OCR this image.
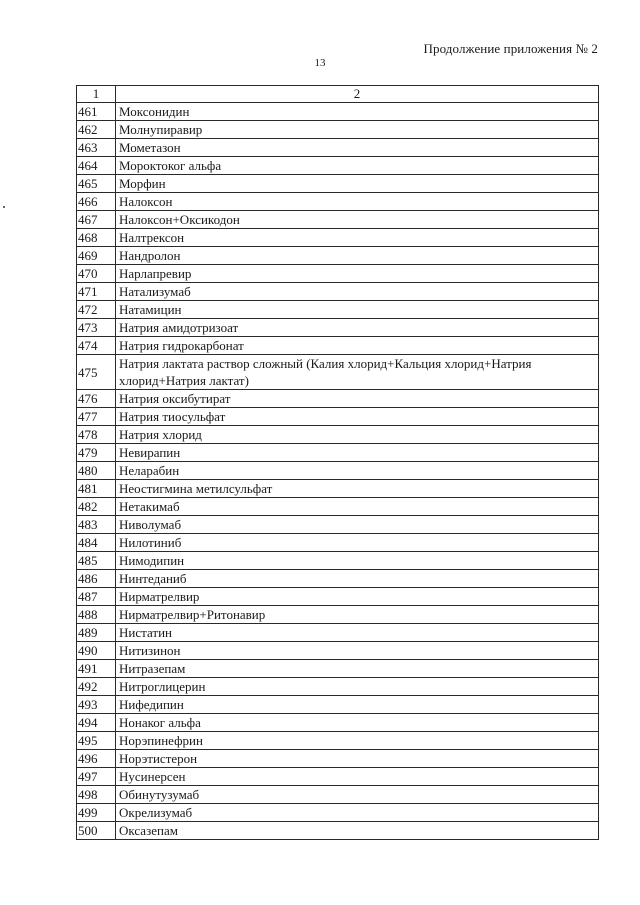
Продолжение приложения № 2
13
1	2
461	Моксонидин
462	Молнупиравир
463	Мометазон
464	Мороктоког альфа
465	Морфин
466	Налоксон
467	Налоксон+Оксикодон
468	Налтрексон
469	Нандролон
470	Нарлапревир
471	Натализумаб
472	Натамицин
473	Натрия амидотризоат
474	Натрия гидрокарбонат
475	Натрия лактата раствор сложный (Калия хлорид+Кальция хлорид+Натрия хлорид+Натрия лактат)
476	Натрия оксибутират
477	Натрия тиосульфат
478	Натрия хлорид
479	Невирапин
480	Неларабин
481	Неостигмина метилсульфат
482	Нетакимаб
483	Ниволумаб
484	Нилотиниб
485	Нимодипин
486	Нинтеданиб
487	Нирматрелвир
488	Нирматрелвир+Ритонавир
489	Нистатин
490	Нитизинон
491	Нитразепам
492	Нитроглицерин
493	Нифедипин
494	Нонаког альфа
495	Норэпинефрин
496	Норэтистерон
497	Нусинерсен
498	Обинутузумаб
499	Окрелизумаб
500	Оксазепам
